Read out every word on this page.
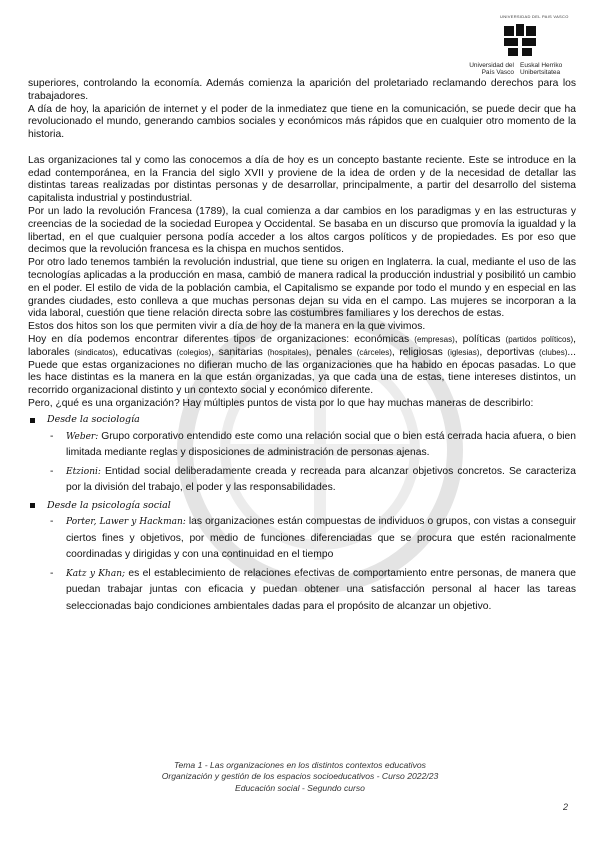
UNIVERSIDAD DEL PAIS VASCO
Universidad del País Vasco
Euskal Herriko Unibertsitatea

superiores, controlando la economía. Además comienza la aparición del proletariado reclamando derechos para los trabajadores.

A día de hoy, la aparición de internet y el poder de la inmediatez que tiene en la comunicación, se puede decir que ha revolucionado el mundo, generando cambios sociales y económicos más rápidos que en cualquier otro momento de la historia.

Las organizaciones tal y como las conocemos a día de hoy es un concepto bastante reciente. Este se introduce en la edad contemporánea, en la Francia del siglo XVII y proviene de la idea de orden y de la necesidad de detallar las distintas tareas realizadas por distintas personas y de desarrollar, principalmente, a partir del desarrollo del sistema capitalista industrial y postindustrial.

Por un lado la revolución Francesa (1789), la cual comienza a dar cambios en los paradigmas y en las estructuras y creencias de la sociedad de la sociedad Europea y Occidental. Se basaba en un discurso que promovía la igualdad y la libertad, en el que cualquier persona podía acceder a los altos cargos políticos y de propiedades. Es por eso que decimos que la revolución francesa es la chispa en muchos sentidos.

Por otro lado tenemos también la revolución industrial, que tiene su origen en Inglaterra. la cual, mediante el uso de las tecnologías aplicadas a la producción en masa, cambió de manera radical la producción industrial y posibilitó un cambio en el poder. El estilo de vida de la población cambia, el Capitalismo se expande por todo el mundo y en especial en las grandes ciudades, esto conlleva a que muchas personas dejan su vida en el campo. Las mujeres se incorporan a la vida laboral, cuestión que tiene relación directa sobre las costumbres familiares y los derechos de estas.

Estos dos hitos son los que permiten vivir a día de hoy de la manera en la que vivimos.

Hoy en día podemos encontrar diferentes tipos de organizaciones: económicas (empresas), políticas (partidos políticos), laborales (sindicatos), educativas (colegios), sanitarias (hospitales), penales (cárceles), religiosas (iglesias), deportivas (clubes)... Puede que estas organizaciones no difieran mucho de las organizaciones que ha habido en épocas pasadas. Lo que les hace distintas es la manera en la que están organizadas, ya que cada una de estas, tiene intereses distintos, un recorrido organizacional distinto y un contexto social y económico diferente.

Pero, ¿qué es una organización? Hay múltiples puntos de vista por lo que hay muchas maneras de describirlo:

Desde la sociología
-	Weber: Grupo corporativo entendido este como una relación social que o bien está cerrada hacia afuera, o bien limitada mediante reglas y disposiciones de administración de personas ajenas.
-	Etzioni: Entidad social deliberadamente creada y recreada para alcanzar objetivos concretos. Se caracteriza por la división del trabajo, el poder y las responsabilidades.
Desde la psicología social
-	Porter, Lawer y Hackman: las organizaciones están compuestas de individuos o grupos, con vistas a conseguir ciertos fines y objetivos, por medio de funciones diferenciadas que se procura que estén racionalmente coordinadas y dirigidas y con una continuidad en el tiempo
-	Katz y Khan; es el establecimiento de relaciones efectivas de comportamiento entre personas, de manera que puedan trabajar juntas con eficacia y puedan obtener una satisfacción personal al hacer las tareas seleccionadas bajo condiciones ambientales dadas para el propósito de alcanzar un objetivo.
Tema 1 - Las organizaciones en los distintos contextos educativos
Organización y gestión de los espacios socioeducativos - Curso 2022/23
Educación social - Segundo curso
2
